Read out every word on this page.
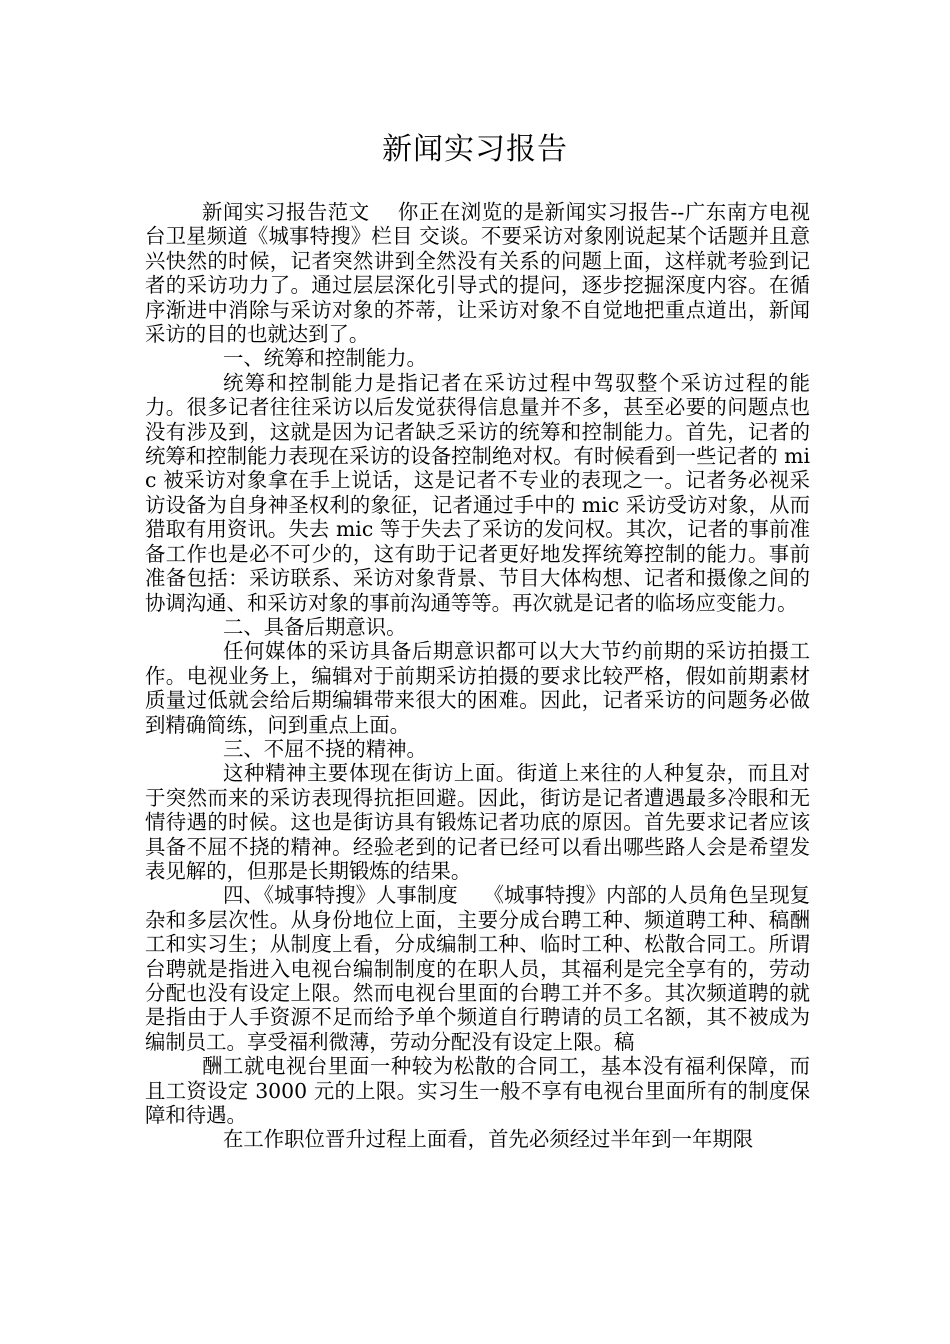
新闻实习报告

新闻实习报告范文    你正在浏览的是新闻实习报告--广东南方电视台卫星频道《城事特搜》栏目 交谈。不要采访对象刚说起某个话题并且意兴快然的时候，记者突然讲到全然没有关系的问题上面，这样就考验到记者的采访功力了。通过层层深化引导式的提问，逐步挖掘深度内容。在循序渐进中消除与采访对象的芥蒂，让采访对象不自觉地把重点道出，新闻采访的目的也就达到了。

一、统筹和控制能力。

统筹和控制能力是指记者在采访过程中驾驭整个采访过程的能力。很多记者往往采访以后发觉获得信息量并不多，甚至必要的问题点也没有涉及到，这就是因为记者缺乏采访的统筹和控制能力。首先，记者的统筹和控制能力表现在采访的设备控制绝对权。有时候看到一些记者的 mic 被采访对象拿在手上说话，这是记者不专业的表现之一。记者务必视采访设备为自身神圣权利的象征，记者通过手中的 mic 采访受访对象，从而猎取有用资讯。失去 mic 等于失去了采访的发问权。其次，记者的事前准备工作也是必不可少的，这有助于记者更好地发挥统筹控制的能力。事前准备包括：采访联系、采访对象背景、节目大体构想、记者和摄像之间的协调沟通、和采访对象的事前沟通等等。再次就是记者的临场应变能力。

二、具备后期意识。

任何媒体的采访具备后期意识都可以大大节约前期的采访拍摄工作。电视业务上，编辑对于前期采访拍摄的要求比较严格，假如前期素材质量过低就会给后期编辑带来很大的困难。因此，记者采访的问题务必做到精确简练，问到重点上面。

三、不屈不挠的精神。

这种精神主要体现在街访上面。街道上来往的人种复杂，而且对于突然而来的采访表现得抗拒回避。因此，街访是记者遭遇最多冷眼和无情待遇的时候。这也是街访具有锻炼记者功底的原因。首先要求记者应该具备不屈不挠的精神。经验老到的记者已经可以看出哪些路人会是希望发表见解的，但那是长期锻炼的结果。

四、《城事特搜》人事制度    《城事特搜》内部的人员角色呈现复杂和多层次性。从身份地位上面，主要分成台聘工种、频道聘工种、稿酬工和实习生；从制度上看，分成编制工种、临时工种、松散合同工。所谓台聘就是指进入电视台编制制度的在职人员，其福利是完全享有的，劳动分配也没有设定上限。然而电视台里面的台聘工并不多。其次频道聘的就是指由于人手资源不足而给予单个频道自行聘请的员工名额，其不被成为编制员工。享受福利微薄，劳动分配没有设定上限。稿

酬工就电视台里面一种较为松散的合同工，基本没有福利保障，而且工资设定 3000 元的上限。实习生一般不享有电视台里面所有的制度保障和待遇。

在工作职位晋升过程上面看，首先必须经过半年到一年期限
